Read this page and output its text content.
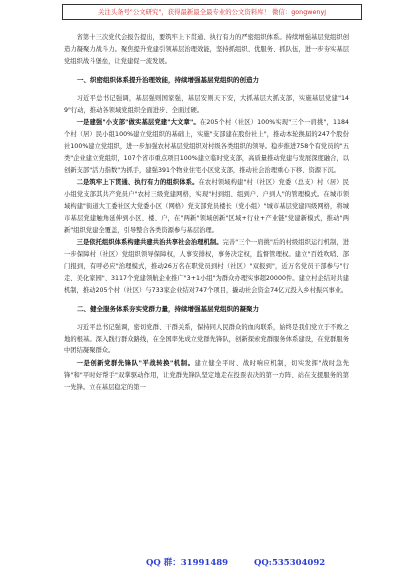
关注头条号"公文研究"，获得最新最全最专业的公文资料库！ 微信：gongwenyj

省第十三次党代会报告提出，要筑牢上下贯通、执行有力的严密组织体系。持续增强基层党组织创造力凝聚力战斗力。聚焦提升党建引领基层治理效能，坚持抓组织、优服务、抓队伍，进一步夯实基层党组织战斗堡垒，让党建促一流发展。

一、织密组织体系提升治理效能，持续增强基层党组织的创造力

习近平总书记强调，基层强则国家强，基层安则天下安，大抓基层大抓支部，实施基层党建"149"行动，推动各领域党组织全面进步、全面过硬。

一是建强"小支部"做实基层党建"大文章"。在205个村（社区）100%实现"三个一肩挑"，1184个村（居）民小组100%建立党组织的基础上，实施"支部建在股份社上"，推动本轮换届的247个股份社100%建立党组织，进一步加强农村基层党组织对村级各类组织的领导。稳步推进758个有党员的"五类"企业建立党组织，107个省市重点项目100%建立临时党支部，高质量推动党建与发展深度融合，以创新支部"活力指数"为抓手，建强391个物业住宅小区党支部，推动社会治理重心下移、资源下沉。

二是筑牢上下贯通、执行有力的组织体系。在农村领域构建"村（社区）党委（总支）村（居）民小组党支部其共产党员户"农村三级党建网格，实现"村到组、组到户、户到人"的管理模式。在城市领域构建"街道大工委社区大党委小区（网格）党支部党员楼长（党小组）"城市基层党建四级网格，将城市基层党建触角延伸到小区、楼、户，在"两新"领域创新"区域+行业+产业链"党建新模式，推动"两新"组织党建全覆盖，引导整合各类资源参与基层治理。

三是依托组织体系构建共建共治共享社会治理机制。完善"三个一肩挑"后的村级组织运行机制，进一步保障村（社区）党组织领导保障权，人事安排权，事务决定权，监督管理权。建立"百姓吹哨、部门报到，有呼必应"治理模式，推动26万名在职党员到村（社区）"双报到"，近万名党员干部参与"行走、美化家园"、3117个党建领航企业推广"3+1小组"为群众办理实事超20000件。建立村企结对共建机制，推动205个村（社区）与733家企业结对747个项目，撬动社会资金74亿元投入乡村振兴事业。

二、健全服务体系夯实党群力量，持续增强基层党组织的凝聚力

习近平总书记强调，密切党群、干群关系，保持同人民群众的血肉联系，始终是我们党立于不败之地的根基。深入践行群众路线，在全国率先成立党群先锋队，创新探索党群服务体系建设，在党群服务中团结凝聚群众。

一是创新党群先锋队"平战转换"机制。建立健全平时、战时响应机制，切实发挥"战时急先锋"和"平时好帮手"双掌驱动作用，让党群先锋队坚定地走在投票表决的第一方阵、站在支援服务的第一先锋。立在基层稳定的第一

QQ 群：31991489	QQ:535304092
